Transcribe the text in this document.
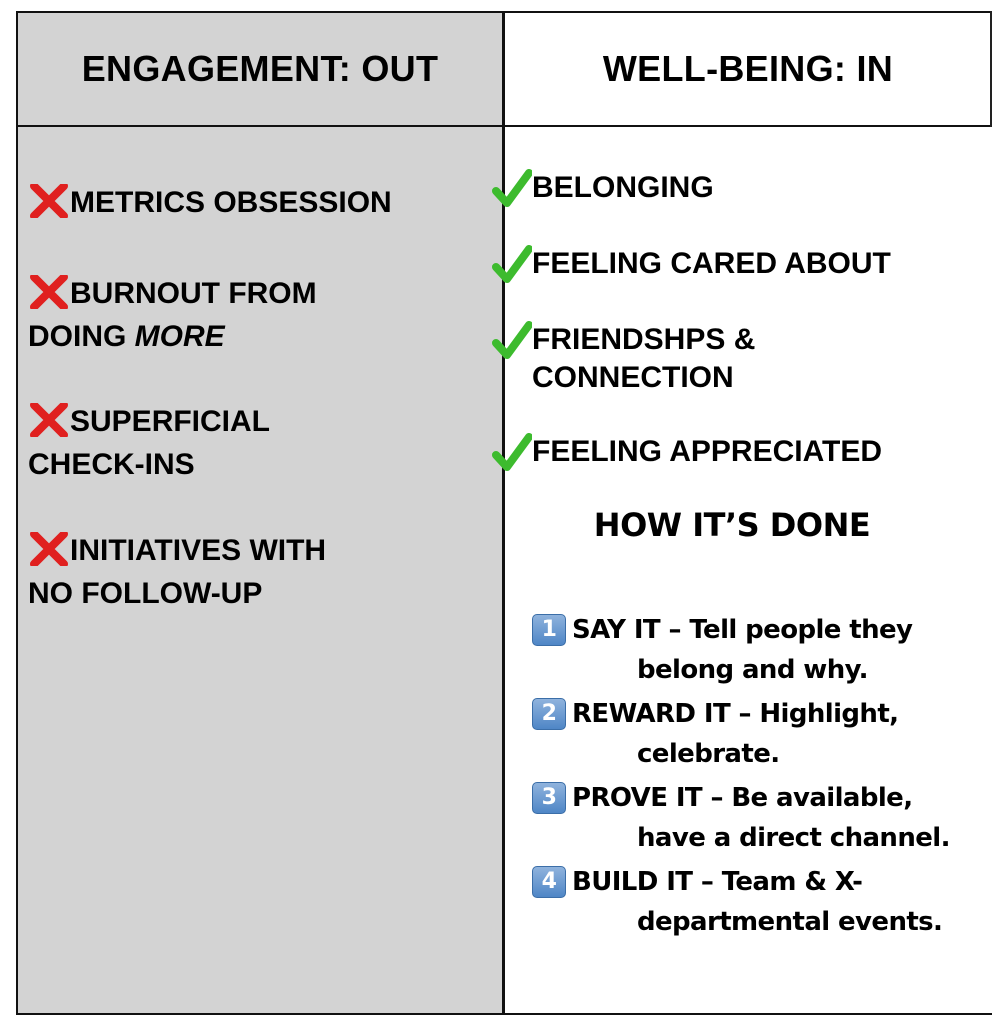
ENGAGEMENT: OUT	WELL-BEING: IN
METRICS OBSESSION
BURNOUT FROM
DOING MORE
SUPERFICIAL
CHECK-INS
INITIATIVES WITH
NO FOLLOW-UP
BELONGING
FEELING CARED ABOUT
FRIENDSHPS &
CONNECTION
FEELING APPRECIATED
HOW IT’S DONE
1 SAY IT – Tell people they
belong and why.
2 REWARD IT – Highlight,
celebrate.
3 PROVE IT – Be available,
have a direct channel.
4 BUILD IT – Team & X-
departmental events.
